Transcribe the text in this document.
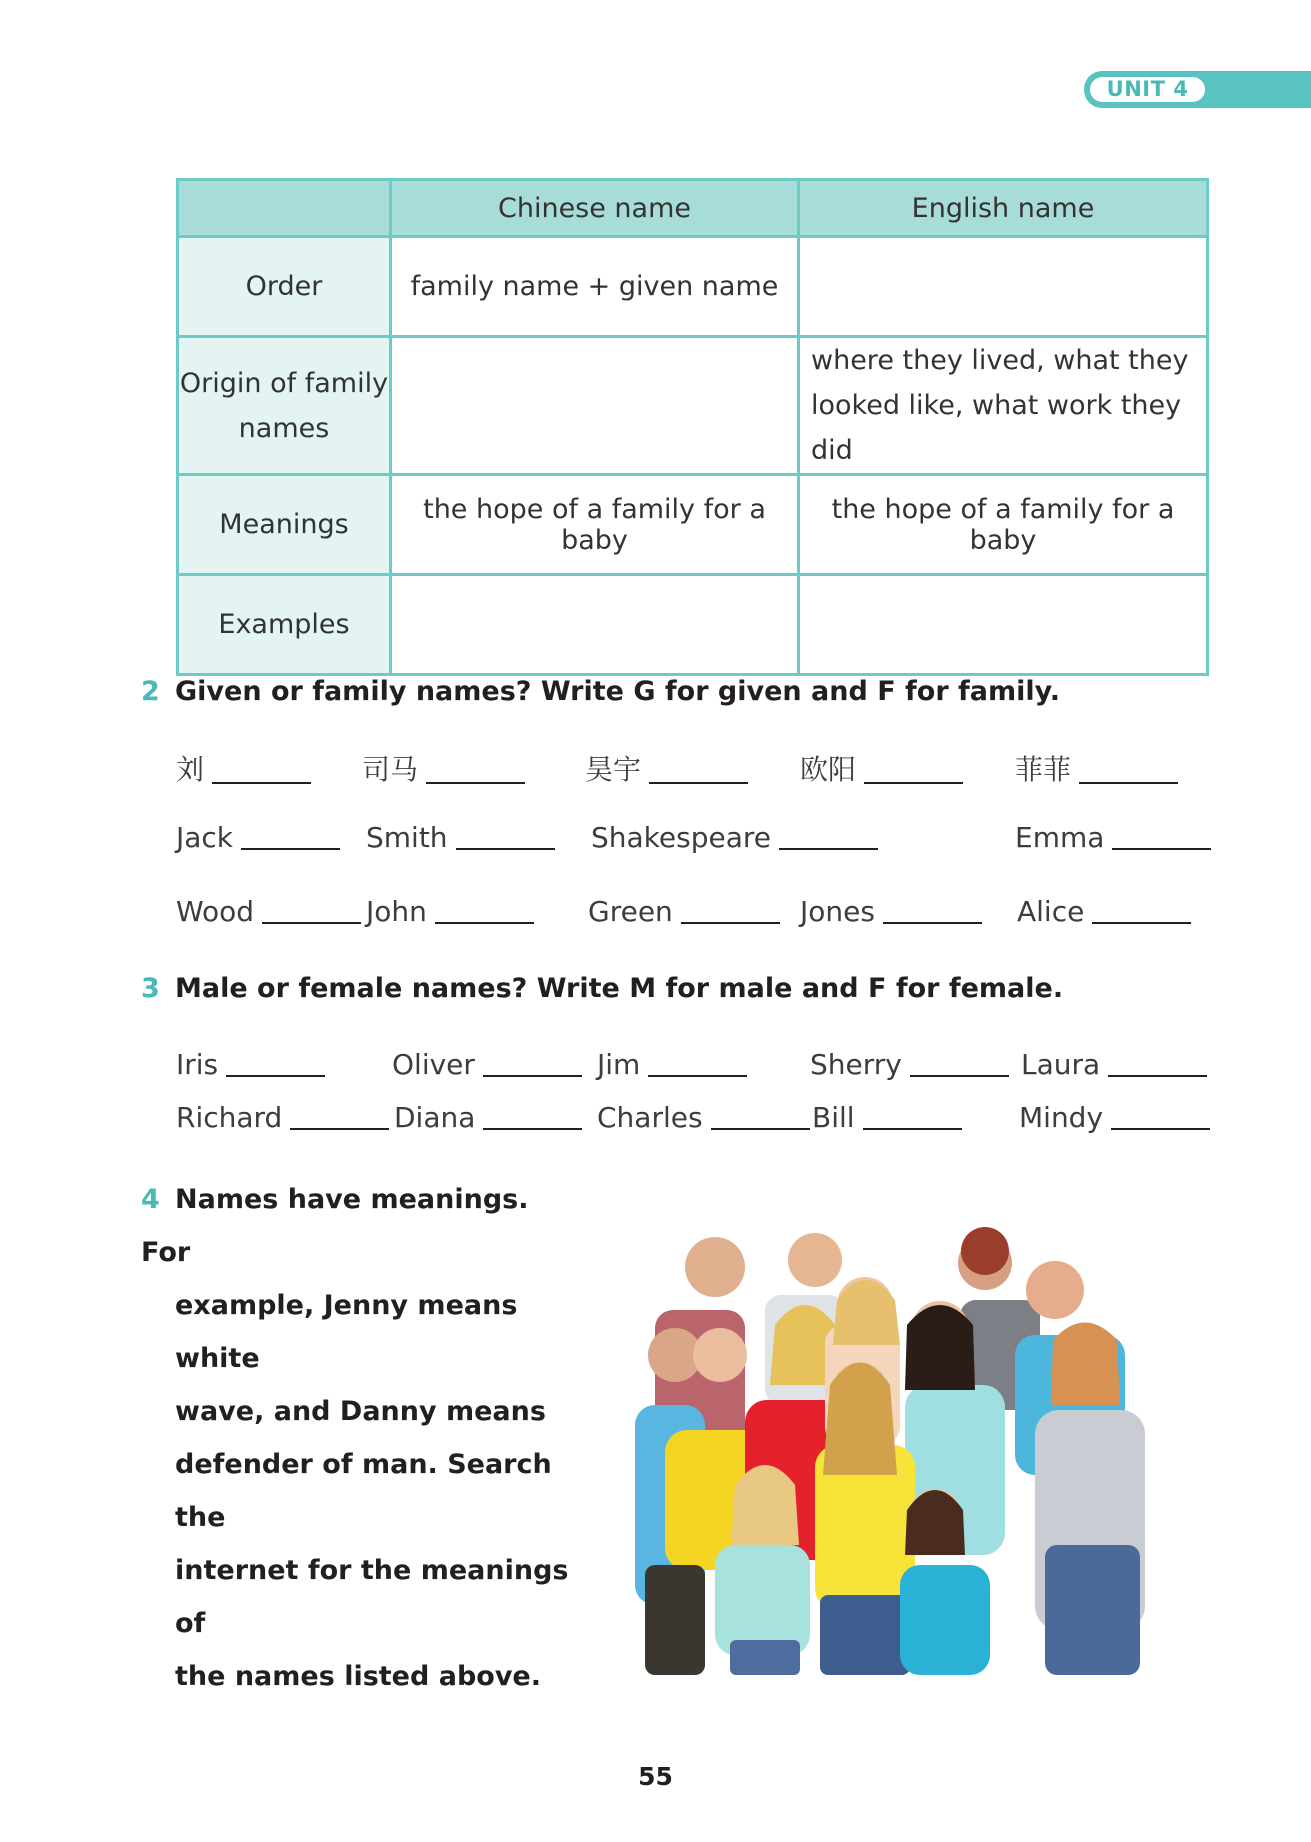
UNIT 4
	Chinese name	English name
Order	family name + given name	
Origin of family names		where they lived, what they looked like, what work they did
Meanings	the hope of a family for a baby	the hope of a family for a baby
Examples		
2 Given or family names? Write G for given and F for family.
刘	司马	昊宇	欧阳	菲菲
Jack	Smith	Shakespeare	Emma
Wood	John	Green	Jones	Alice
3 Male or female names? Write M for male and F for female.
Iris	Oliver	Jim	Sherry	Laura
Richard	Diana	Charles	Bill	Mindy
4 Names have meanings. For
example, Jenny means white
wave, and Danny means
defender of man. Search the
internet for the meanings of
the names listed above.
55
